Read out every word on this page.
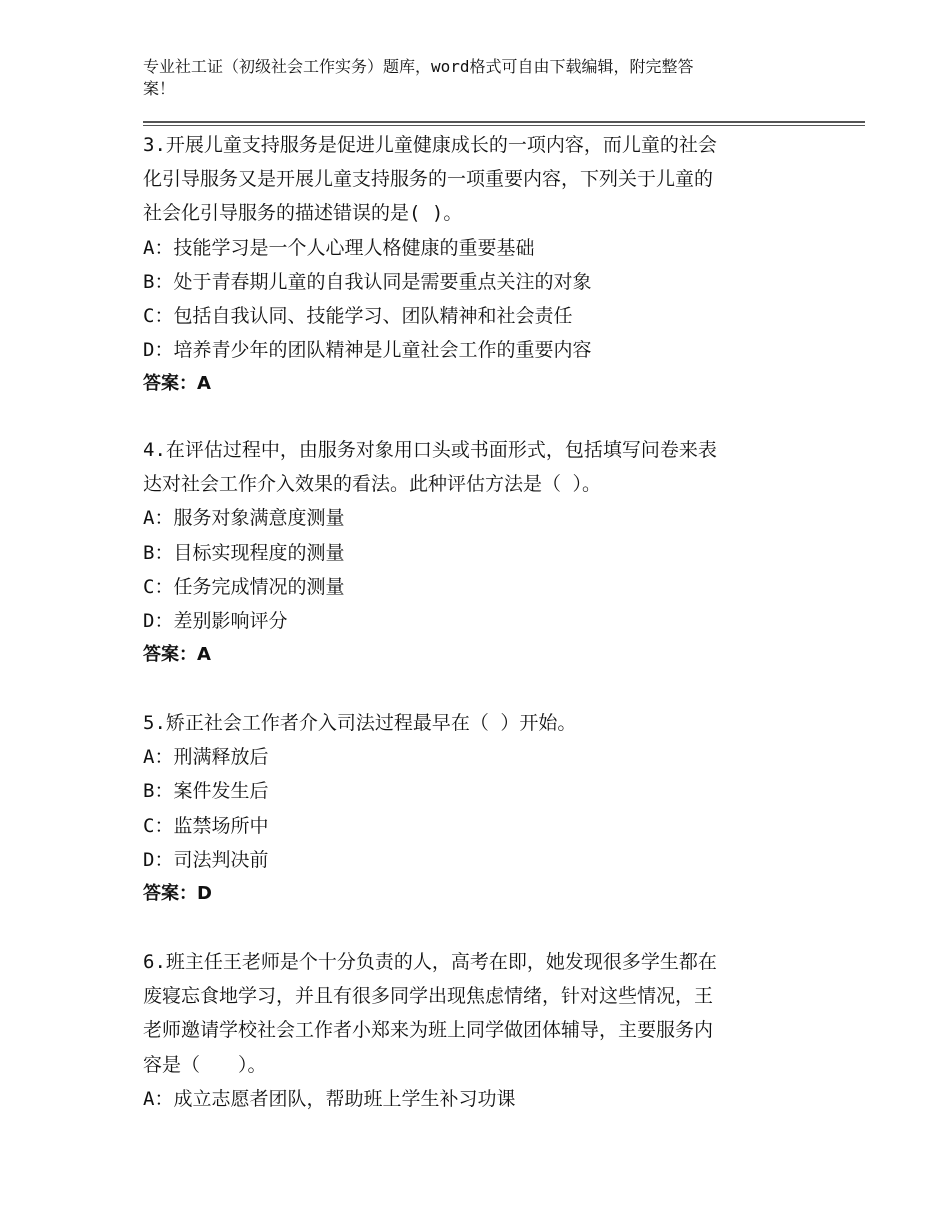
专业社工证（初级社会工作实务）题库，word格式可自由下载编辑，附完整答
案！
3.开展儿童支持服务是促进儿童健康成长的一项内容，而儿童的社会
化引导服务又是开展儿童支持服务的一项重要内容，下列关于儿童的
社会化引导服务的描述错误的是( )。
A：技能学习是一个人心理人格健康的重要基础
B：处于青春期儿童的自我认同是需要重点关注的对象
C：包括自我认同、技能学习、团队精神和社会责任
D：培养青少年的团队精神是儿童社会工作的重要内容
答案：A
4.在评估过程中，由服务对象用口头或书面形式，包括填写问卷来表
达对社会工作介入效果的看法。此种评估方法是（ ）。
A：服务对象满意度测量
B：目标实现程度的测量
C：任务完成情况的测量
D：差别影响评分
答案：A
5.矫正社会工作者介入司法过程最早在（ ）开始。
A：刑满释放后
B：案件发生后
C：监禁场所中
D：司法判决前
答案：D
6.班主任王老师是个十分负责的人，高考在即，她发现很多学生都在
废寝忘食地学习，并且有很多同学出现焦虑情绪，针对这些情况，王
老师邀请学校社会工作者小郑来为班上同学做团体辅导，主要服务内
容是（　　）。
A：成立志愿者团队，帮助班上学生补习功课
